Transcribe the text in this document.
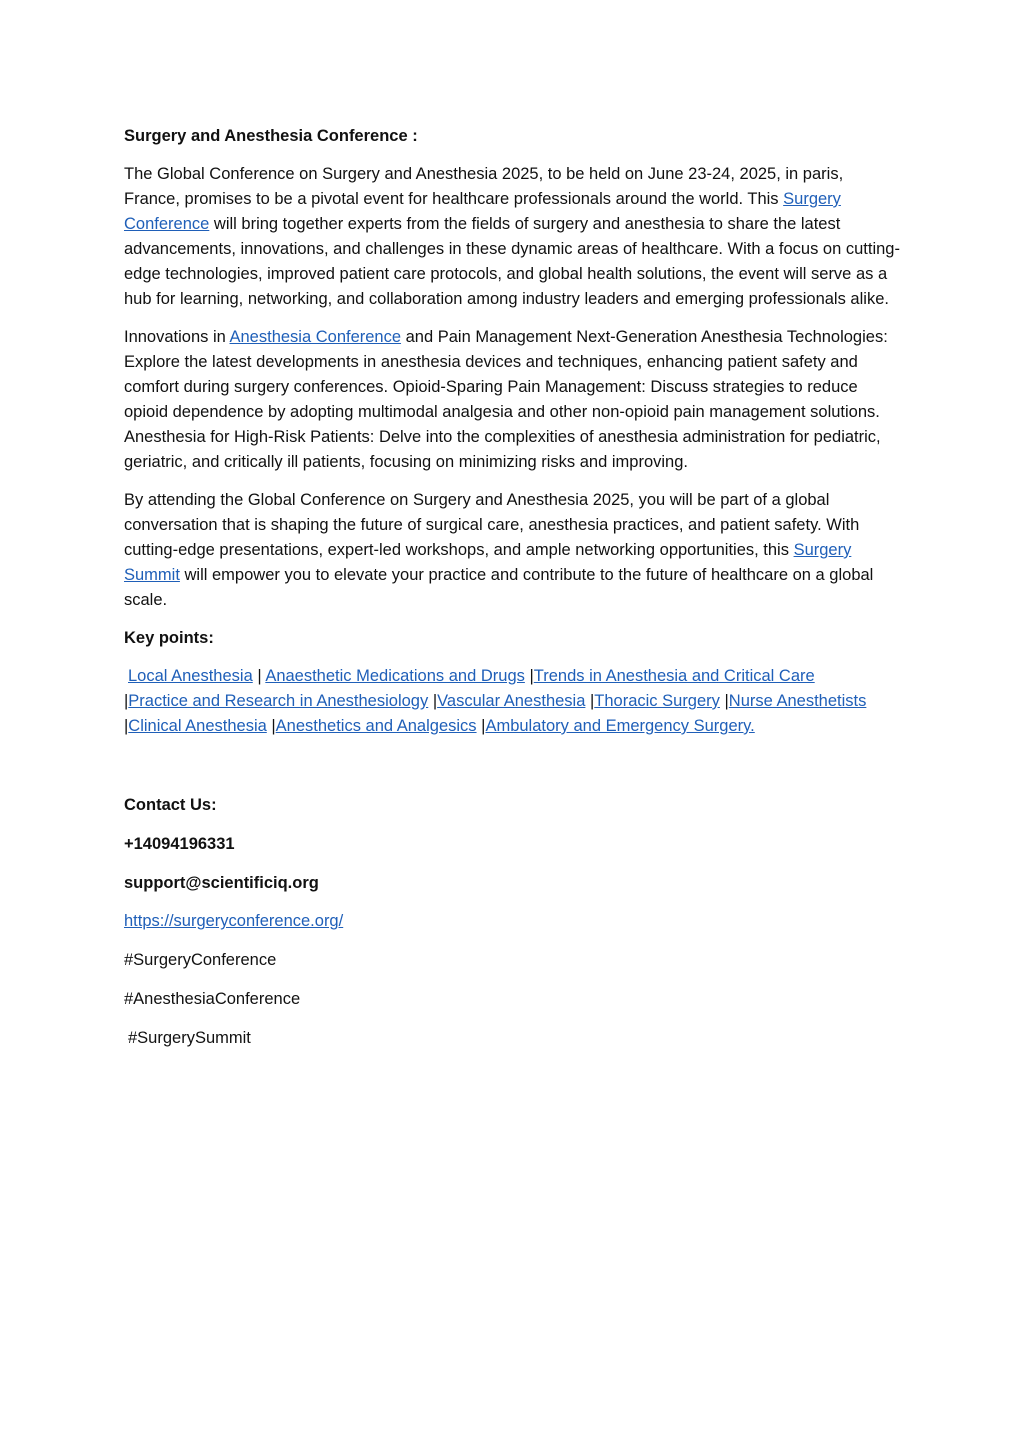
Surgery and Anesthesia Conference :

The Global Conference on Surgery and Anesthesia 2025, to be held on June 23-24, 2025, in paris, France, promises to be a pivotal event for healthcare professionals around the world. This Surgery Conference will bring together experts from the fields of surgery and anesthesia to share the latest advancements, innovations, and challenges in these dynamic areas of healthcare. With a focus on cutting-edge technologies, improved patient care protocols, and global health solutions, the event will serve as a hub for learning, networking, and collaboration among industry leaders and emerging professionals alike.

Innovations in Anesthesia Conference and Pain Management Next-Generation Anesthesia Technologies: Explore the latest developments in anesthesia devices and techniques, enhancing patient safety and comfort during surgery conferences. Opioid-Sparing Pain Management: Discuss strategies to reduce opioid dependence by adopting multimodal analgesia and other non-opioid pain management solutions. Anesthesia for High-Risk Patients: Delve into the complexities of anesthesia administration for pediatric, geriatric, and critically ill patients, focusing on minimizing risks and improving.

By attending the Global Conference on Surgery and Anesthesia 2025, you will be part of a global conversation that is shaping the future of surgical care, anesthesia practices, and patient safety. With cutting-edge presentations, expert-led workshops, and ample networking opportunities, this Surgery Summit will empower you to elevate your practice and contribute to the future of healthcare on a global scale.

Key points:

Local Anesthesia | Anaesthetic Medications and Drugs |Trends in Anesthesia and Critical Care
|Practice and Research in Anesthesiology |Vascular Anesthesia |Thoracic Surgery |Nurse Anesthetists |Clinical Anesthesia |Anesthetics and Analgesics |Ambulatory and Emergency Surgery.

Contact Us:

+14094196331

support@scientificiq.org

https://surgeryconference.org/

#SurgeryConference

#AnesthesiaConference

#SurgerySummit
